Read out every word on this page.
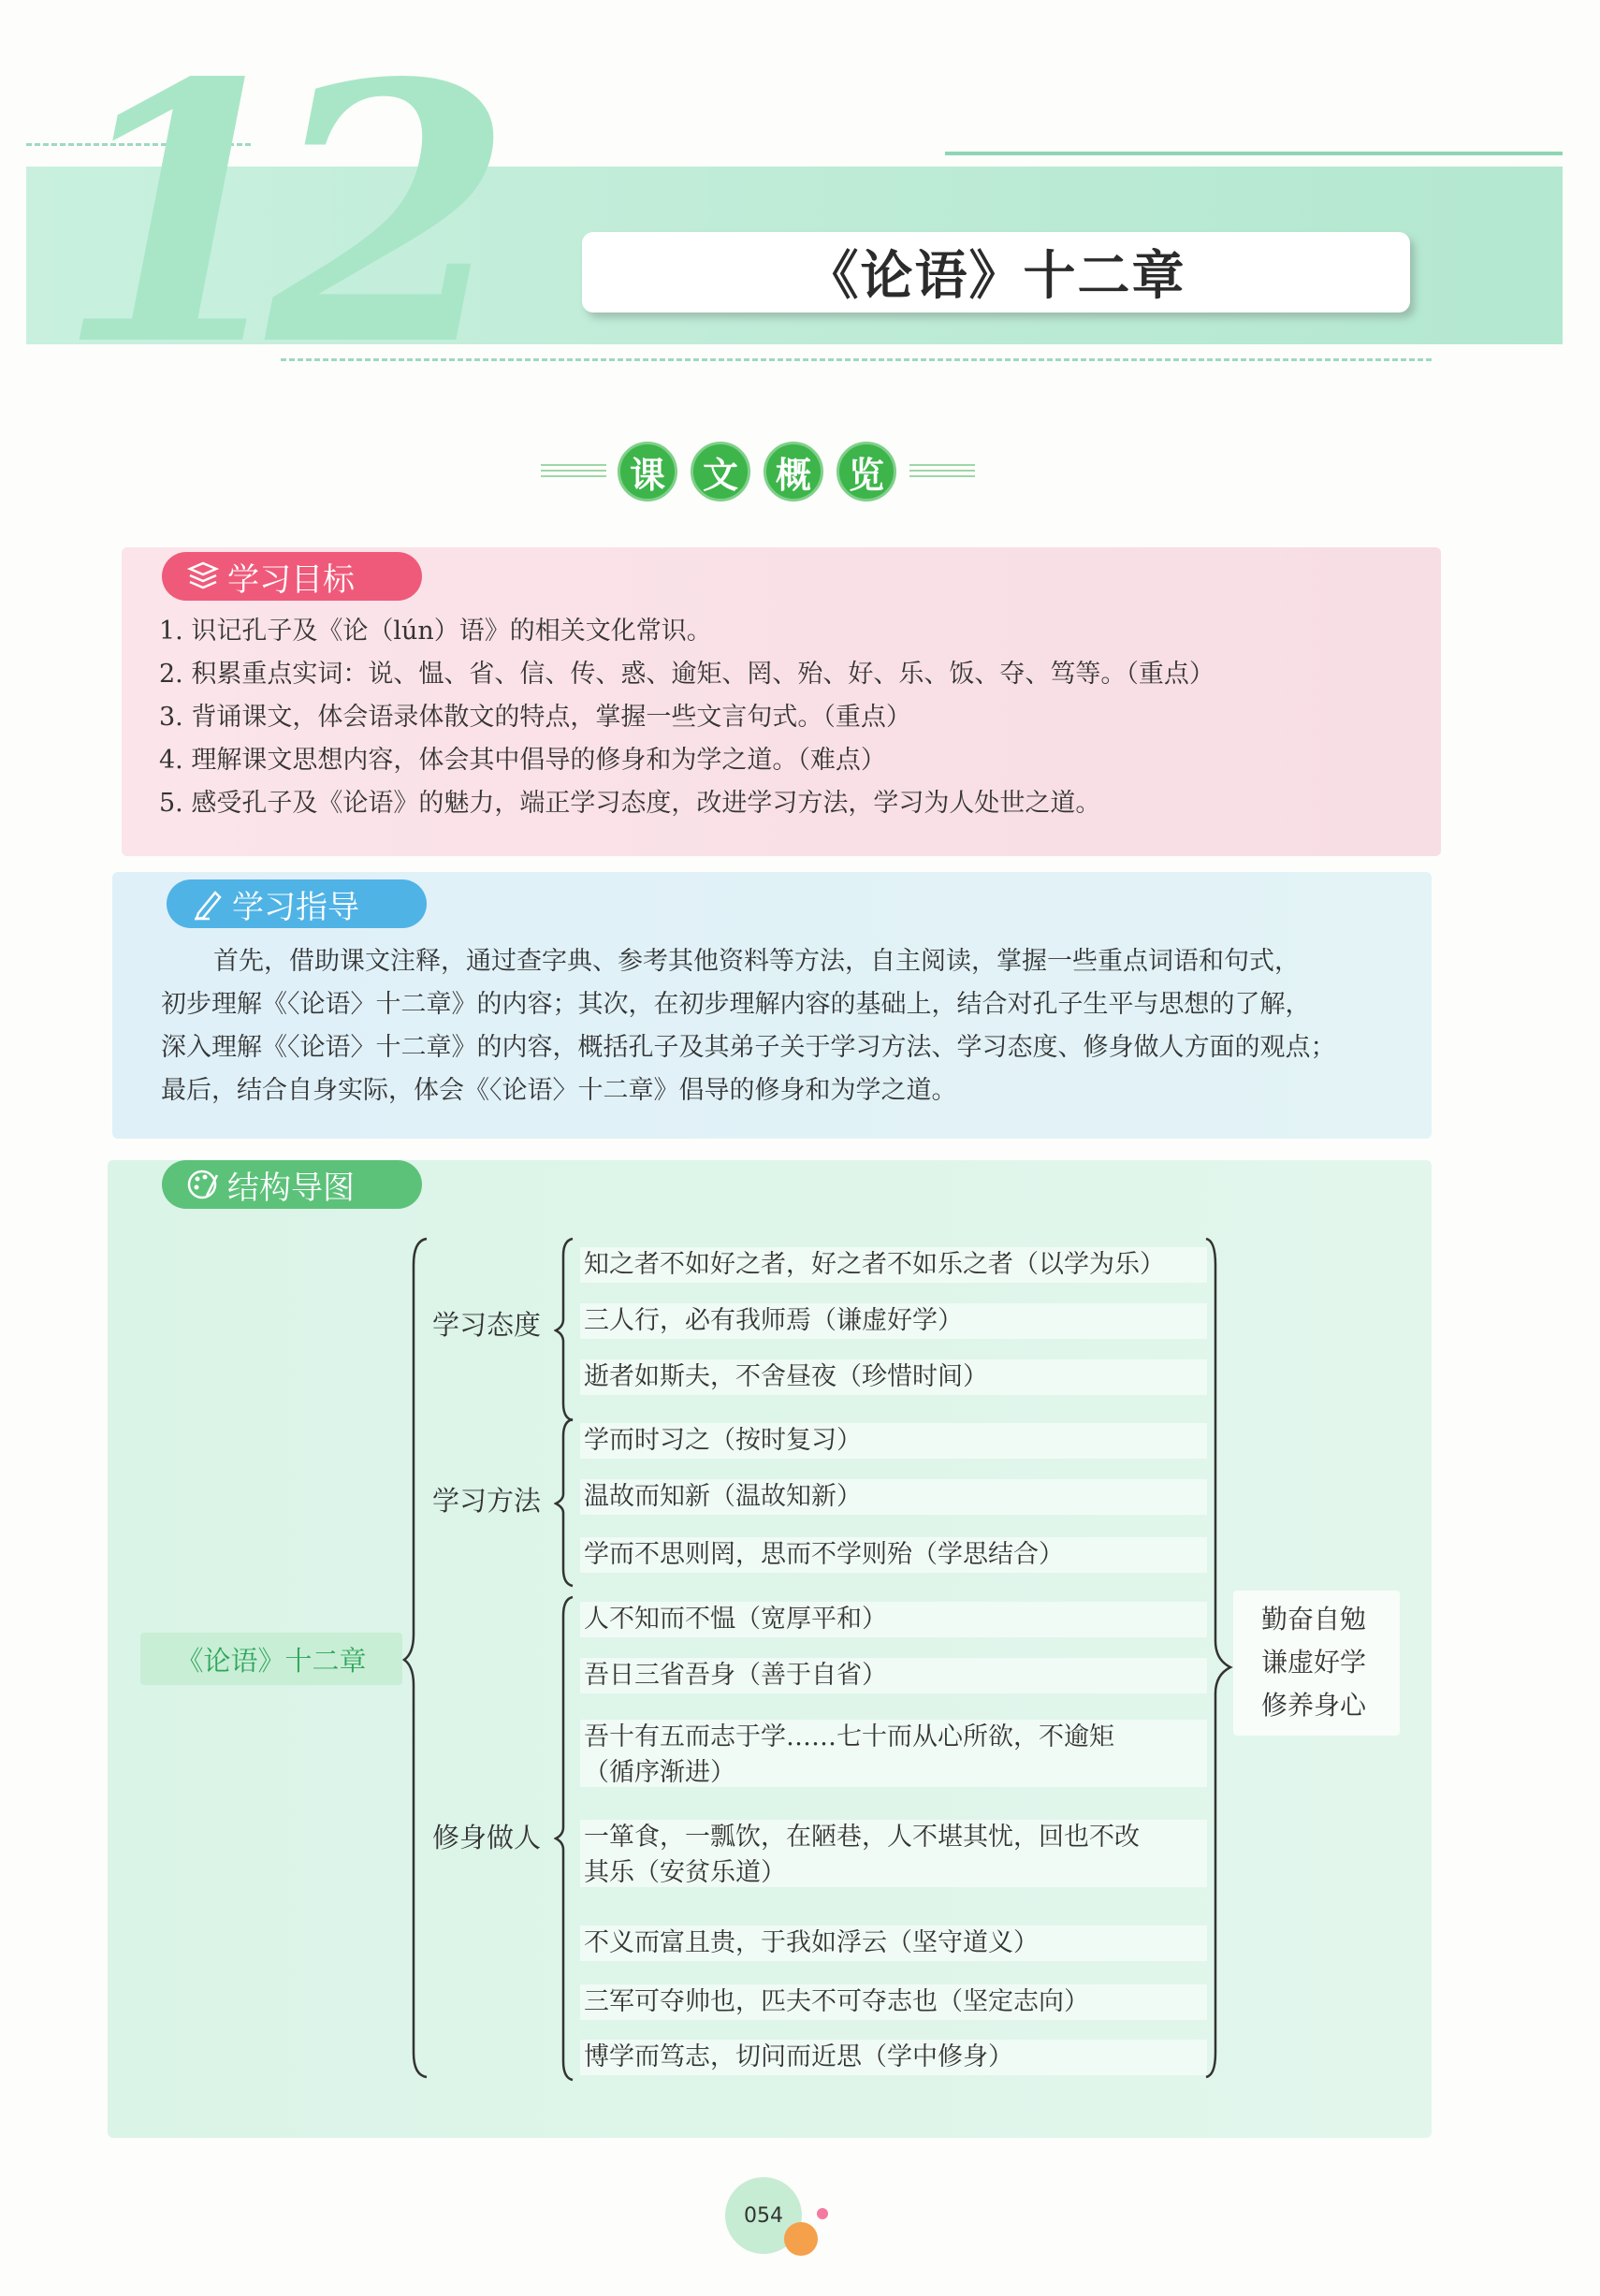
12	《论语》十二章
课	文	概	览
学习目标
1. 识记孔子及《论（lún）语》的相关文化常识。
2. 积累重点实词：说、愠、省、信、传、惑、逾矩、罔、殆、好、乐、饭、夺、笃等。（重点）
3. 背诵课文，体会语录体散文的特点，掌握一些文言句式。（重点）
4. 理解课文思想内容，体会其中倡导的修身和为学之道。（难点）
5. 感受孔子及《论语》的魅力，端正学习态度，改进学习方法，学习为人处世之道。
学习指导
首先，借助课文注释，通过查字典、参考其他资料等方法，自主阅读，掌握一些重点词语和句式，
初步理解《〈论语〉十二章》的内容；其次，在初步理解内容的基础上，结合对孔子生平与思想的了解，
深入理解《〈论语〉十二章》的内容，概括孔子及其弟子关于学习方法、学习态度、修身做人方面的观点；
最后，结合自身实际，体会《〈论语〉十二章》倡导的修身和为学之道。
结构导图
《论语》十二章
学习态度
学习方法
修身做人
知之者不如好之者，好之者不如乐之者（以学为乐）
三人行，必有我师焉（谦虚好学）
逝者如斯夫，不舍昼夜（珍惜时间）
学而时习之（按时复习）
温故而知新（温故知新）
学而不思则罔，思而不学则殆（学思结合）
人不知而不愠（宽厚平和）
吾日三省吾身（善于自省）
吾十有五而志于学……七十而从心所欲，不逾矩
（循序渐进）
一箪食，一瓢饮，在陋巷，人不堪其忧，回也不改
其乐（安贫乐道）
不义而富且贵，于我如浮云（坚守道义）
三军可夺帅也，匹夫不可夺志也（坚定志向）
博学而笃志，切问而近思（学中修身）
勤奋自勉
谦虚好学
修养身心
054
